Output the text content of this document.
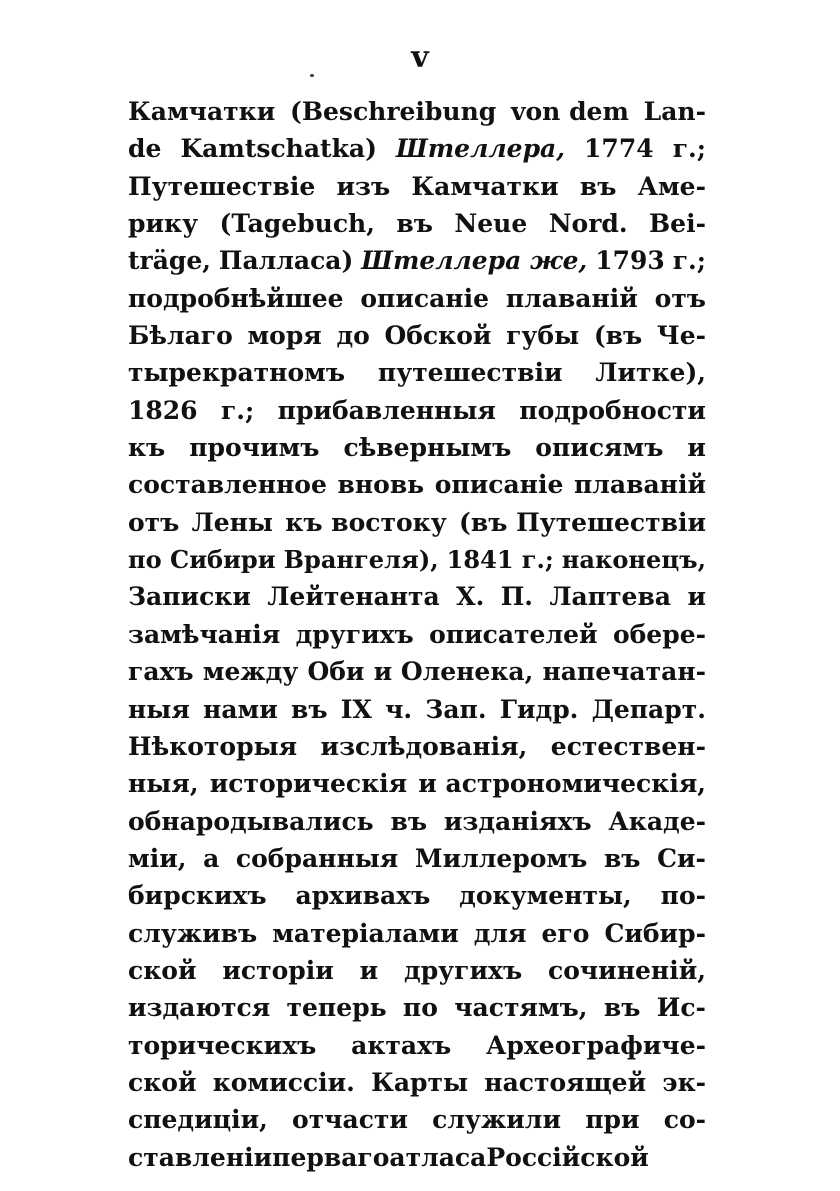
v
Камчатки (Beschreibung von dem Lan-
de Kamtschatka) Штеллера, 1774 г.;
Путешествіе изъ Камчатки въ Аме-
рику (Tagebuch, въ Neue Nord. Bei-
träge, Палласа) Штеллера же, 1793 г.;
подробнѣйшее описаніе плаваній отъ
Бѣлаго моря до Обской губы (въ Че-
тырекратномъ путешествіи Литке),
1826 г.; прибавленныя подробности
къ прочимъ сѣвернымъ описямъ и
составленное вновь описаніе плаваній
отъ Лены къ востоку (въ Путешествіи
по Сибири Врангеля), 1841 г.; наконецъ,
Записки Лейтенанта Х. П. Лаптева и
замѣчанія другихъ описателей обере-
гахъ между Оби и Оленека, напечатан-
ныя нами въ IX ч. Зап. Гидр. Департ.
Нѣкоторыя изслѣдованія, естествен-
ныя, историческія и астрономическія,
обнародывались въ изданіяхъ Акаде-
міи, а собранныя Миллеромъ въ Си-
бирскихъ архивахъ документы, по-
служивъ матеріалами для его Сибир-
ской исторіи и другихъ сочиненій,
издаются теперь по частямъ, въ Ис-
торическихъ актахъ Археографиче-
ской комиссіи. Карты настоящей эк-
спедиціи, отчасти служили при со-
ставленіи перваго атласа Россійской
